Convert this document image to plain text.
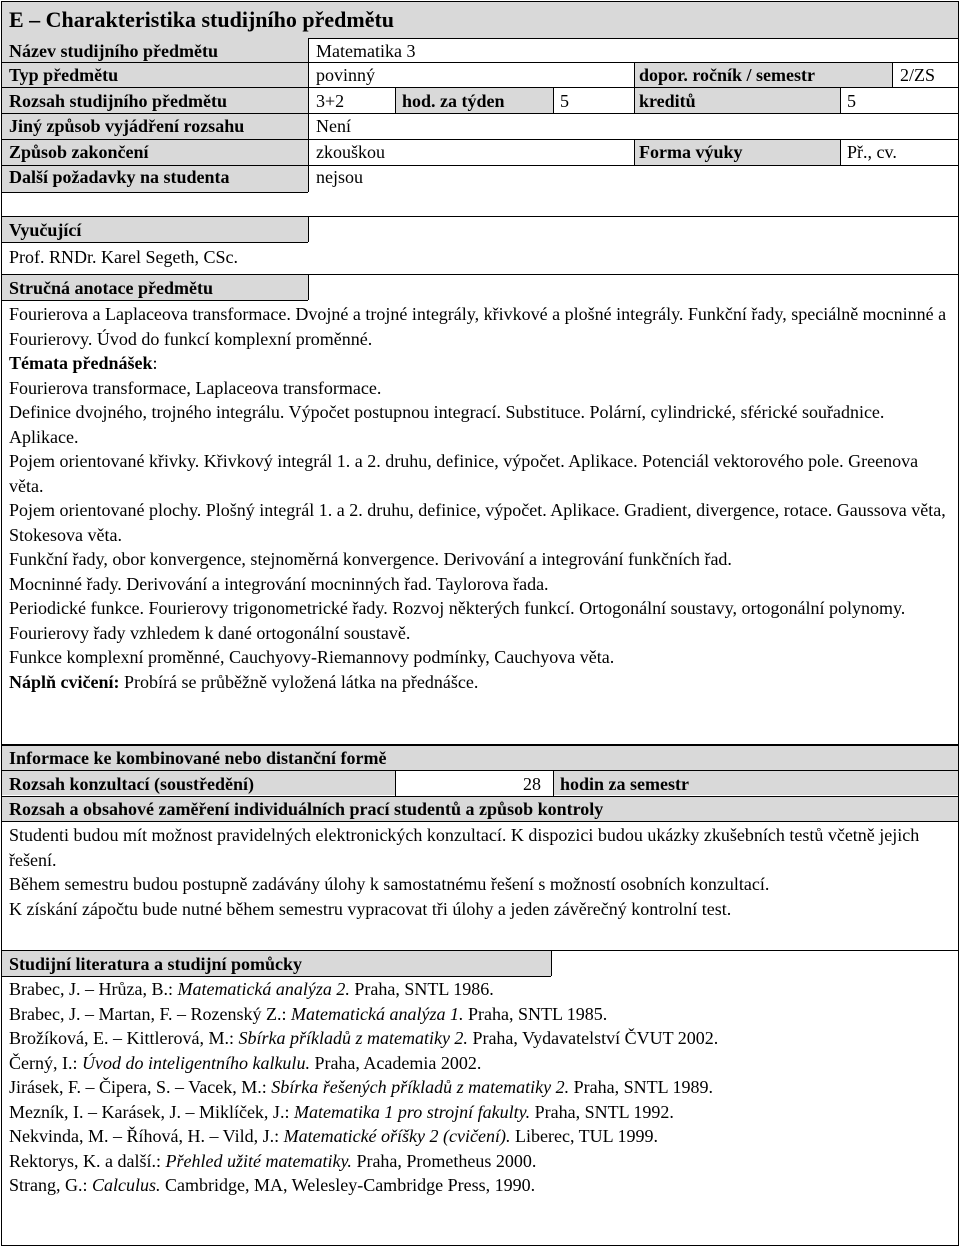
E – Charakteristika studijního předmětu
Název studijního předmětu	Matematika 3
Typ předmětu	povinný	dopor. ročník / semestr	2/ZS
Rozsah studijního předmětu	3+2	hod. za týden	5	kreditů	5
Jiný způsob vyjádření rozsahu	Není
Způsob zakončení	zkouškou	Forma výuky	Př., cv.
Další požadavky na studenta	nejsou
Vyučující
Prof. RNDr. Karel Segeth, CSc.
Stručná anotace předmětu
Fourierova a Laplaceova transformace. Dvojné a trojné integrály, křivkové a plošné integrály. Funkční řady, speciálně mocninné a Fourierovy. Úvod do funkcí komplexní proměnné.
Témata přednášek:
Fourierova transformace, Laplaceova transformace.
Definice dvojného, trojného integrálu. Výpočet postupnou integrací. Substituce. Polární, cylindrické, sférické souřadnice. Aplikace.
Pojem orientované křivky. Křivkový integrál 1. a 2. druhu, definice, výpočet. Aplikace. Potenciál vektorového pole. Greenova věta.
Pojem orientované plochy. Plošný integrál 1. a 2. druhu, definice, výpočet. Aplikace. Gradient, divergence, rotace. Gaussova věta, Stokesova věta.
Funkční řady, obor konvergence, stejnoměrná konvergence. Derivování a integrování funkčních řad.
Mocninné řady. Derivování a integrování mocninných řad. Taylorova řada.
Periodické funkce. Fourierovy trigonometrické řady. Rozvoj některých funkcí. Ortogonální soustavy, ortogonální polynomy. Fourierovy řady vzhledem k dané ortogonální soustavě.
Funkce komplexní proměnné, Cauchyovy-Riemannovy podmínky, Cauchyova věta.
Náplň cvičení: Probírá se průběžně vyložená látka na přednášce.
Informace ke kombinované nebo distanční formě
Rozsah konzultací (soustředění)	28 hodin za semestr
Rozsah a obsahové zaměření individuálních prací studentů a způsob kontroly
Studenti budou mít možnost pravidelných elektronických konzultací. K dispozici budou ukázky zkušebních testů včetně jejich řešení.
Během semestru budou postupně zadávány úlohy k samostatnému řešení s možností osobních konzultací.
K získání zápočtu bude nutné během semestru vypracovat tři úlohy a jeden závěrečný kontrolní test.
Studijní literatura a studijní pomůcky
Brabec, J. – Hrůza, B.: Matematická analýza 2. Praha, SNTL 1986.
Brabec, J. – Martan, F. – Rozenský Z.: Matematická analýza 1. Praha, SNTL 1985.
Brožíková, E. – Kittlerová, M.: Sbírka příkladů z matematiky 2. Praha, Vydavatelství ČVUT 2002.
Černý, I.: Úvod do inteligentního kalkulu. Praha, Academia 2002.
Jirásek, F. – Čipera, S. – Vacek, M.: Sbírka řešených příkladů z matematiky 2. Praha, SNTL 1989.
Mezník, I. – Karásek, J. – Miklíček, J.: Matematika 1 pro strojní fakulty. Praha, SNTL 1992.
Nekvinda, M. – Říhová, H. – Vild, J.: Matematické oříšky 2 (cvičení). Liberec, TUL 1999.
Rektorys, K. a další.: Přehled užité matematiky. Praha, Prometheus 2000.
Strang, G.: Calculus. Cambridge, MA, Welesley-Cambridge Press, 1990.
